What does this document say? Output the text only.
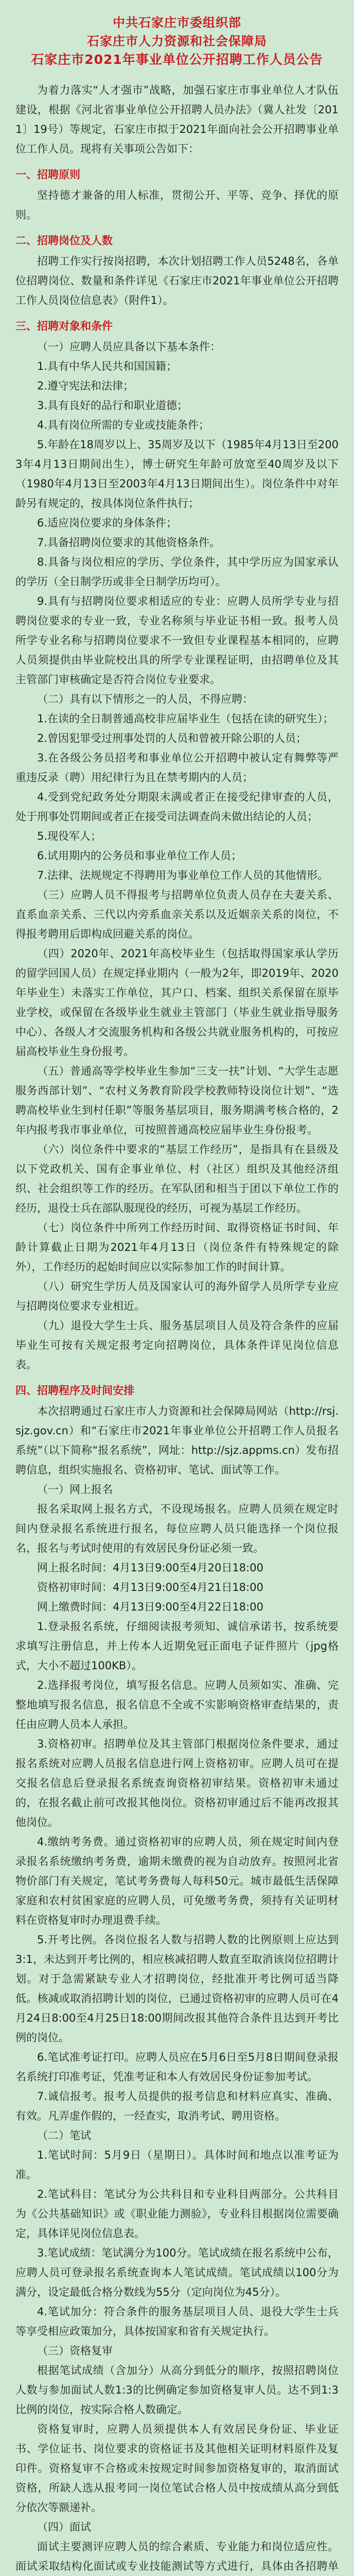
中共石家庄市委组织部
石家庄市人力资源和社会保障局
石家庄市2021年事业单位公开招聘工作人员公告
为着力落实“人才强市”战略，加强石家庄市事业单位人才队伍建设，根据《河北省事业单位公开招聘人员办法》（冀人社发〔2011〕19号）等规定，石家庄市拟于2021年面向社会公开招聘事业单位工作人员。现将有关事项公告如下：
一、招聘原则
坚持德才兼备的用人标准，贯彻公开、平等、竞争、择优的原则。
二、招聘岗位及人数
招聘工作实行按岗招聘，本次计划招聘工作人员5248名，各单位招聘岗位、数量和条件详见《石家庄市2021年事业单位公开招聘工作人员岗位信息表》（附件1）。
三、招聘对象和条件
（一）应聘人员应具备以下基本条件：
1.具有中华人民共和国国籍；
2.遵守宪法和法律；
3.具有良好的品行和职业道德；
4.具有岗位所需的专业或技能条件；
5.年龄在18周岁以上、35周岁及以下（1985年4月13日至2003年4月13日期间出生），博士研究生年龄可放宽至40周岁及以下（1980年4月13日至2003年4月13日期间出生）。岗位条件中对年龄另有规定的，按具体岗位条件执行；
6.适应岗位要求的身体条件；
7.具备招聘岗位要求的其他资格条件。
8.具备与岗位相应的学历、学位条件，其中学历应为国家承认的学历（全日制学历或非全日制学历均可）。
9.具有与招聘岗位要求相适应的专业：应聘人员所学专业与招聘岗位要求的专业一致，专业名称须与毕业证书相一致。报考人员所学专业名称与招聘岗位要求不一致但专业课程基本相同的，应聘人员须提供由毕业院校出具的所学专业课程证明，由招聘单位及其主管部门审核确定是否符合岗位专业要求。
（二）具有以下情形之一的人员，不得应聘：
1.在读的全日制普通高校非应届毕业生（包括在读的研究生）；
2.曾因犯罪受过刑事处罚的人员和曾被开除公职的人员；
3.在各级公务员招考和事业单位公开招聘中被认定有舞弊等严重违反录（聘）用纪律行为且在禁考期内的人员；
4.受到党纪政务处分期限未满或者正在接受纪律审查的人员，处于刑事处罚期间或者正在接受司法调查尚未做出结论的人员；
5.现役军人；
6.试用期内的公务员和事业单位工作人员；
7.法律、法规规定不得聘用为事业单位工作人员的其他情形。
（三）应聘人员不得报考与招聘单位负责人员存在夫妻关系、直系血亲关系、三代以内旁系血亲关系以及近姻亲关系的岗位，不得报考聘用后即构成回避关系的岗位。
（四）2020年、2021年高校毕业生（包括取得国家承认学历的留学回国人员）在规定择业期内（一般为2年，即2019年、2020年毕业生）未落实工作单位，其户口、档案、组织关系保留在原毕业学校，或保留在各级毕业生就业主管部门（毕业生就业指导服务中心）、各级人才交流服务机构和各级公共就业服务机构的，可按应届高校毕业生身份报考。
（五）普通高等学校毕业生参加“三支一扶”计划、“大学生志愿服务西部计划”、“农村义务教育阶段学校教师特设岗位计划”、“选聘高校毕业生到村任职”等服务基层项目，服务期满考核合格的，2年内报考我市事业单位，可按照普通高校应届毕业生身份报考。
（六）岗位条件中要求的“基层工作经历”，是指具有在县级及以下党政机关、国有企事业单位、村（社区）组织及其他经济组织、社会组织等工作的经历。在军队团和相当于团以下单位工作的经历，退役士兵在部队服现役的经历，可视为基层工作经历。
（七）岗位条件中所列工作经历时间、取得资格证书时间、年龄计算截止日期为2021年4月13日（岗位条件有特殊规定的除外），工作经历的起始时间应以实际参加工作的时间计算。
（八）研究生学历人员及国家认可的海外留学人员所学专业应与招聘岗位要求专业相近。
（九）退役大学生士兵、服务基层项目人员及符合条件的应届毕业生可按有关规定报考定向招聘岗位，具体条件详见岗位信息表。
四、招聘程序及时间安排
本次招聘通过石家庄市人力资源和社会保障局网站（http://rsj.sjz.gov.cn）和“石家庄市2021年事业单位公开招聘工作人员报名系统”（以下简称“报名系统”，网址：http://sjz.appms.cn）发布招聘信息，组织实施报名、资格初审、笔试、面试等工作。
（一）网上报名
报名采取网上报名方式，不设现场报名。应聘人员须在规定时间内登录报名系统进行报名，每位应聘人员只能选择一个岗位报名，报名与考试时使用的有效居民身份证必须一致。
网上报名时间：4月13日9:00至4月20日18:00
资格初审时间：4月13日9:00至4月21日18:00
网上缴费时间：4月13日9:00至4月22日18:00
1.登录报名系统，仔细阅读报考须知、诚信承诺书，按系统要求填写注册信息，并上传本人近期免冠正面电子证件照片（jpg格式，大小不超过100KB）。
2.选择报考岗位，填写报名信息。应聘人员须如实、准确、完整地填写报名信息，报名信息不全或不实影响资格审查结果的，责任由应聘人员本人承担。
3.资格初审。招聘单位及其主管部门根据岗位条件要求，通过报名系统对应聘人员报名信息进行网上资格初审。应聘人员可在提交报名信息后登录报名系统查询资格初审结果。资格初审未通过的，在报名截止前可改报其他岗位。资格初审通过后不能再改报其他岗位。
4.缴纳考务费。通过资格初审的应聘人员，须在规定时间内登录报名系统缴纳考务费，逾期未缴费的视为自动放弃。按照河北省物价部门有关规定，笔试考务费每人每科50元。城市最低生活保障家庭和农村贫困家庭的应聘人员，可免缴考务费，须持有关证明材料在资格复审时办理退费手续。
5.开考比例。各岗位报名人数与招聘人数的比例原则上应达到3:1，未达到开考比例的，相应核减招聘人数直至取消该岗位招聘计划。对于急需紧缺专业人才招聘岗位，经批准开考比例可适当降低。核减或取消招聘计划的岗位，已通过资格初审的应聘人员可在4月24日8:00至4月25日18:00期间改报其他符合条件且达到开考比例的岗位。
6.笔试准考证打印。应聘人员应在5月6日至5月8日期间登录报名系统打印准考证，凭准考证和本人有效居民身份证参加考试。
7.诚信报考。报考人员提供的报考信息和材料应真实、准确、有效。凡弄虚作假的，一经查实，取消考试、聘用资格。
（二）笔试
1.笔试时间：5月9日（星期日）。具体时间和地点以准考证为准。
2.笔试科目：笔试分为公共科目和专业科目两部分。公共科目为《公共基础知识》或《职业能力测验》，专业科目根据岗位需要确定，具体详见岗位信息表。
3.笔试成绩：笔试满分为100分。笔试成绩在报名系统中公布，应聘人员可登录报名系统查询本人笔试成绩。笔试成绩以100分为满分，设定最低合格分数线为55分（定向岗位为45分）。
4.笔试加分：符合条件的服务基层项目人员、退役大学生士兵等享受相应政策加分，具体按国家和省有关规定执行。
（三）资格复审
根据笔试成绩（含加分）从高分到低分的顺序，按照招聘岗位人数与参加面试人数1:3的比例确定参加资格复审人员。达不到1:3比例的岗位，按实际合格人数确定。
资格复审时，应聘人员须提供本人有效居民身份证、毕业证书、学位证书、岗位要求的资格证书及其他相关证明材料原件及复印件。资格复审不合格或未按规定时间参加资格复审的，取消面试资格，所缺人选从报考同一岗位笔试合格人员中按成绩从高分到低分依次等额递补。
（四）面试
面试主要测评应聘人员的综合素质、专业能力和岗位适应性。面试采取结构化面试或专业技能测试等方式进行，具体由各招聘单
